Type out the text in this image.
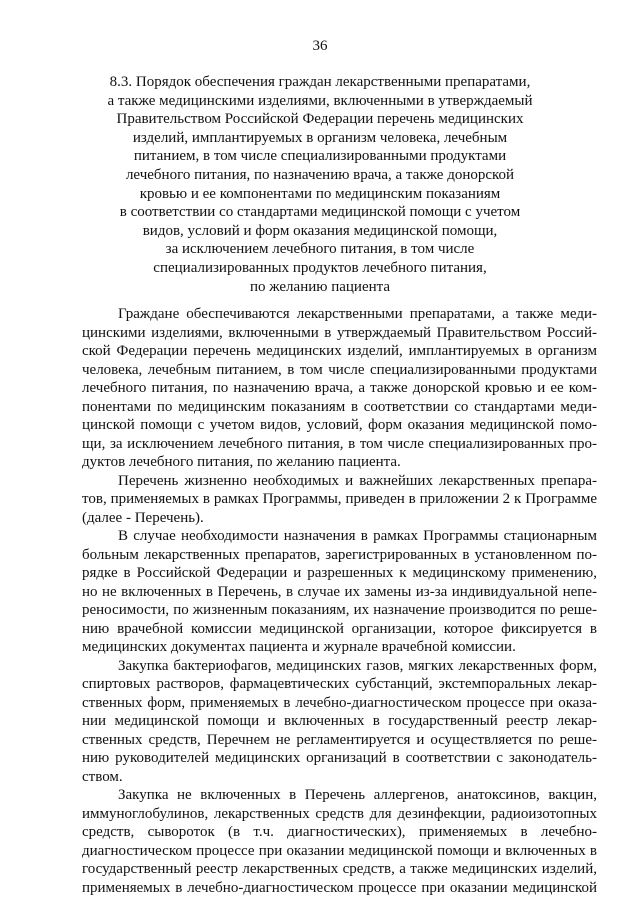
36
8.3. Порядок обеспечения граждан лекарственными препаратами,
а также медицинскими изделиями, включенными в утверждаемый
Правительством Российской Федерации перечень медицинских
изделий, имплантируемых в организм человека, лечебным
питанием, в том числе специализированными продуктами
лечебного питания, по назначению врача, а также донорской
кровью и ее компонентами по медицинским показаниям
в соответствии со стандартами медицинской помощи с учетом
видов, условий и форм оказания медицинской помощи,
за исключением лечебного питания, в том числе
специализированных продуктов лечебного питания,
по желанию пациента
Граждане обеспечиваются лекарственными препаратами, а также меди-
цинскими изделиями, включенными в утверждаемый Правительством Россий-
ской Федерации перечень медицинских изделий, имплантируемых в организм
человека, лечебным питанием, в том числе специализированными продуктами
лечебного питания, по назначению врача, а также донорской кровью и ее ком-
понентами по медицинским показаниям в соответствии со стандартами меди-
цинской помощи с учетом видов, условий, форм оказания медицинской помо-
щи, за исключением лечебного питания, в том числе специализированных про-
дуктов лечебного питания, по желанию пациента.
Перечень жизненно необходимых и важнейших лекарственных препара-
тов, применяемых в рамках Программы, приведен в приложении 2 к Программе
(далее - Перечень).
В случае необходимости назначения в рамках Программы стационарным
больным лекарственных препаратов, зарегистрированных в установленном по-
рядке в Российской Федерации и разрешенных к медицинскому применению,
но не включенных в Перечень, в случае их замены из-за индивидуальной непе-
реносимости, по жизненным показаниям, их назначение производится по реше-
нию врачебной комиссии медицинской организации, которое фиксируется в
медицинских документах пациента и журнале врачебной комиссии.
Закупка бактериофагов, медицинских газов, мягких лекарственных форм,
спиртовых растворов, фармацевтических субстанций, экстемпоральных лекар-
ственных форм, применяемых в лечебно-диагностическом процессе при оказа-
нии медицинской помощи и включенных в государственный реестр лекар-
ственных средств, Перечнем не регламентируется и осуществляется по реше-
нию руководителей медицинских организаций в соответствии с законодатель-
ством.
Закупка не включенных в Перечень аллергенов, анатоксинов, вакцин,
иммуноглобулинов, лекарственных средств для дезинфекции, радиоизотопных
средств, сывороток (в т.ч. диагностических), применяемых в лечебно-
диагностическом процессе при оказании медицинской помощи и включенных в
государственный реестр лекарственных средств, а также медицинских изделий,
применяемых в лечебно-диагностическом процессе при оказании медицинской
